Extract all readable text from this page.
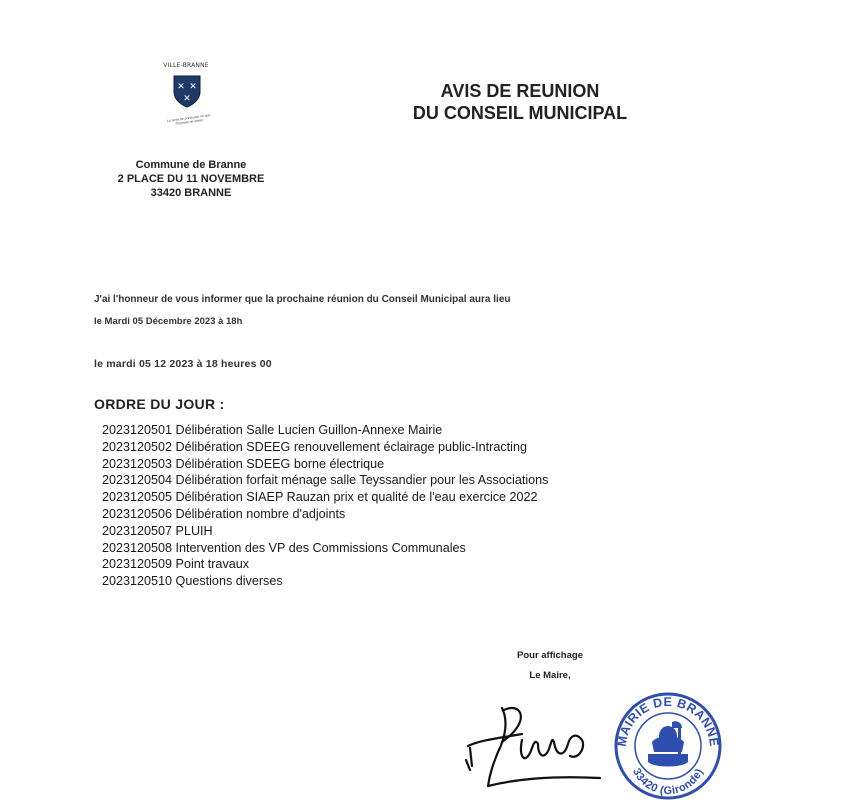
VILLE-BRANNE
✕ ✕
✕
La terre ne porte pas ce que l'homme ne sème
AVIS DE REUNION
DU CONSEIL MUNICIPAL
Commune de Branne
2 PLACE DU 11 NOVEMBRE
33420 BRANNE
J'ai l'honneur de vous informer que la prochaine réunion du Conseil Municipal aura lieu
le Mardi 05 Décembre 2023 à 18h
le mardi 05 12 2023 à 18 heures 00
ORDRE DU JOUR :
2023120501 Délibération Salle Lucien Guillon-Annexe Mairie
2023120502 Délibération SDEEG renouvellement éclairage public-Intracting
2023120503 Délibération SDEEG borne électrique
2023120504 Délibération forfait ménage salle Teyssandier pour les Associations
2023120505 Délibération SIAEP Rauzan prix et qualité de l'eau exercice 2022
2023120506 Délibération nombre d'adjoints
2023120507 PLUIH
2023120508 Intervention des VP des Commissions Communales
2023120509 Point travaux
2023120510 Questions diverses
Pour affichage
Le Maire,
MAIRIE DE BRANNE
33420 (Gironde)
